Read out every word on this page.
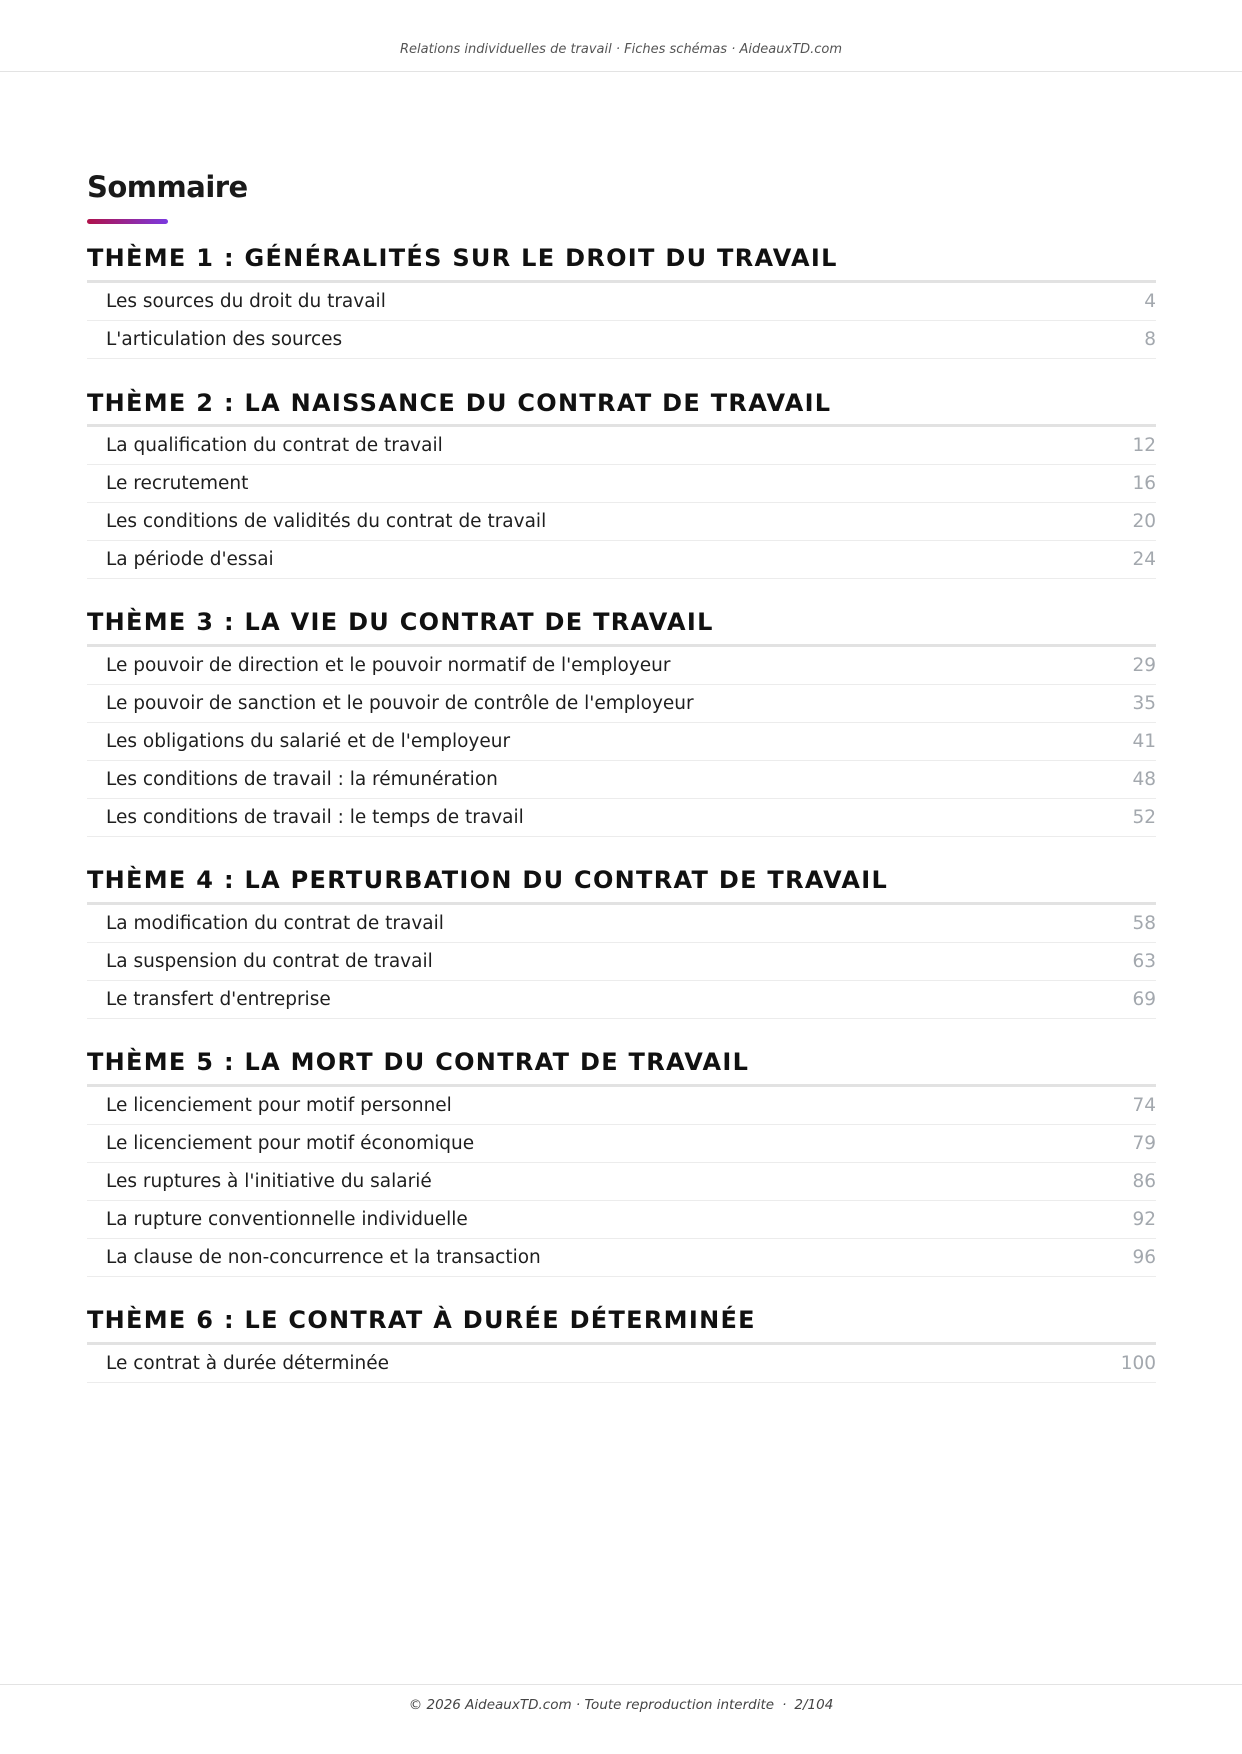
Relations individuelles de travail · Fiches schémas · AideauxTD.com
Sommaire
THÈME 1 : GÉNÉRALITÉS SUR LE DROIT DU TRAVAIL
Les sources du droit du travail	4
L'articulation des sources	8
THÈME 2 : LA NAISSANCE DU CONTRAT DE TRAVAIL
La qualification du contrat de travail	12
Le recrutement	16
Les conditions de validités du contrat de travail	20
La période d'essai	24
THÈME 3 : LA VIE DU CONTRAT DE TRAVAIL
Le pouvoir de direction et le pouvoir normatif de l'employeur	29
Le pouvoir de sanction et le pouvoir de contrôle de l'employeur	35
Les obligations du salarié et de l'employeur	41
Les conditions de travail : la rémunération	48
Les conditions de travail : le temps de travail	52
THÈME 4 : LA PERTURBATION DU CONTRAT DE TRAVAIL
La modification du contrat de travail	58
La suspension du contrat de travail	63
Le transfert d'entreprise	69
THÈME 5 : LA MORT DU CONTRAT DE TRAVAIL
Le licenciement pour motif personnel	74
Le licenciement pour motif économique	79
Les ruptures à l'initiative du salarié	86
La rupture conventionnelle individuelle	92
La clause de non-concurrence et la transaction	96
THÈME 6 : LE CONTRAT À DURÉE DÉTERMINÉE
Le contrat à durée déterminée	100
© 2026 AideauxTD.com · Toute reproduction interdite · 2/104
